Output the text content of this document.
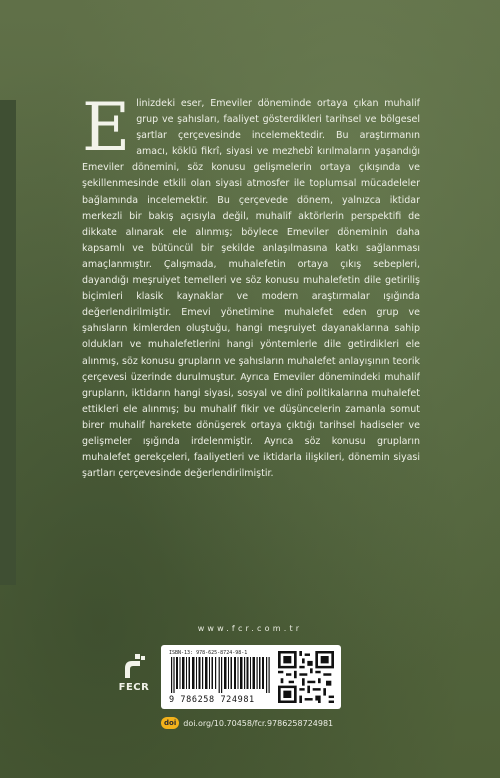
E linizdeki eser, Emeviler döneminde ortaya çıkan muhalif grup ve şahısları, faaliyet gösterdikleri tarihsel ve bölgesel şartlar çerçevesinde incelemektedir. Bu araştırmanın amacı, köklü fikrî, siyasi ve mezhebî kırılmaların yaşandığı Emeviler dönemini, söz konusu gelişmelerin ortaya çıkışında ve şekillenmesinde etkili olan siyasi atmosfer ile toplumsal mücadeleler bağlamında incelemektir. Bu çerçevede dönem, yalnızca iktidar merkezli bir bakış açısıyla değil, muhalif aktörlerin perspektifi de dikkate alınarak ele alınmış; böylece Emeviler döneminin daha kapsamlı ve bütüncül bir şekilde anlaşılmasına katkı sağlanması amaçlanmıştır. Çalışmada, muhalefetin ortaya çıkış sebepleri, dayandığı meşruiyet temelleri ve söz konusu muhalefetin dile getiriliş biçimleri klasik kaynaklar ve modern araştırmalar ışığında değerlendirilmiştir. Emevi yönetimine muhalefet eden grup ve şahısların kimlerden oluştuğu, hangi meşruiyet dayanaklarına sahip oldukları ve muhalefetlerini hangi yöntemlerle dile getirdikleri ele alınmış, söz konusu grupların ve şahısların muhalefet anlayışının teorik çerçevesi üzerinde durulmuştur. Ayrıca Emeviler dönemindeki muhalif grupların, iktidarın hangi siyasi, sosyal ve dinî politikalarına muhalefet ettikleri ele alınmış; bu muhalif fikir ve düşüncelerin zamanla somut birer muhalif harekete dönüşerek ortaya çıktığı tarihsel hadiseler ve gelişmeler ışığında irdelenmiştir. Ayrıca söz konusu grupların muhalefet gerekçeleri, faaliyetleri ve iktidarla ilişkileri, dönemin siyasi şartları çerçevesinde değerlendirilmiştir.
www.fcr.com.tr
FECR
ISBN-13: 978-625-8724-98-1
9 786258 724981
doi doi.org/10.70458/fcr.9786258724981
